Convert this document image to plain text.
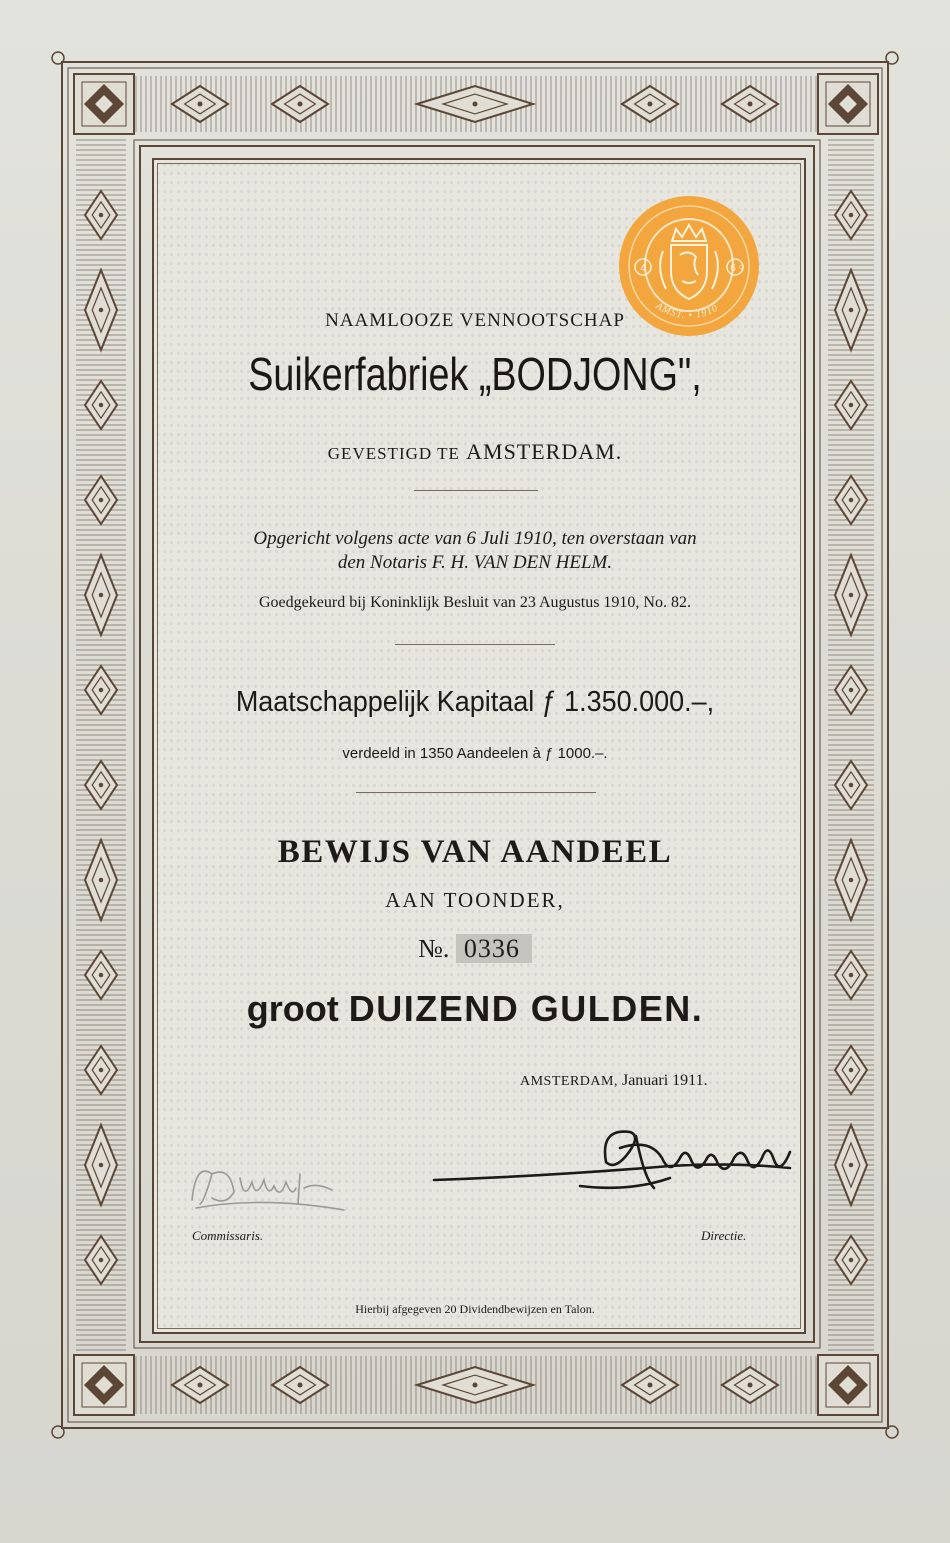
4	6 Ct
AMST. • 1910
NAAMLOOZE VENNOOTSCHAP
Suikerfabriek „BODJONG",
GEVESTIGD TE AMSTERDAM.
Opgericht volgens acte van 6 Juli 1910, ten overstaan van
den Notaris F. H. VAN DEN HELM.
Goedgekeurd bij Koninklijk Besluit van 23 Augustus 1910, No. 82.
Maatschappelijk Kapitaal ƒ 1.350.000.–,
verdeeld in 1350 Aandeelen à ƒ 1000.–.
BEWIJS VAN AANDEEL
AAN TOONDER,
№. 0336
groot DUIZEND GULDEN.
AMSTERDAM, Januari 1911.
Commissaris.	Directie.
Hierbij afgegeven 20 Dividendbewijzen en Talon.
